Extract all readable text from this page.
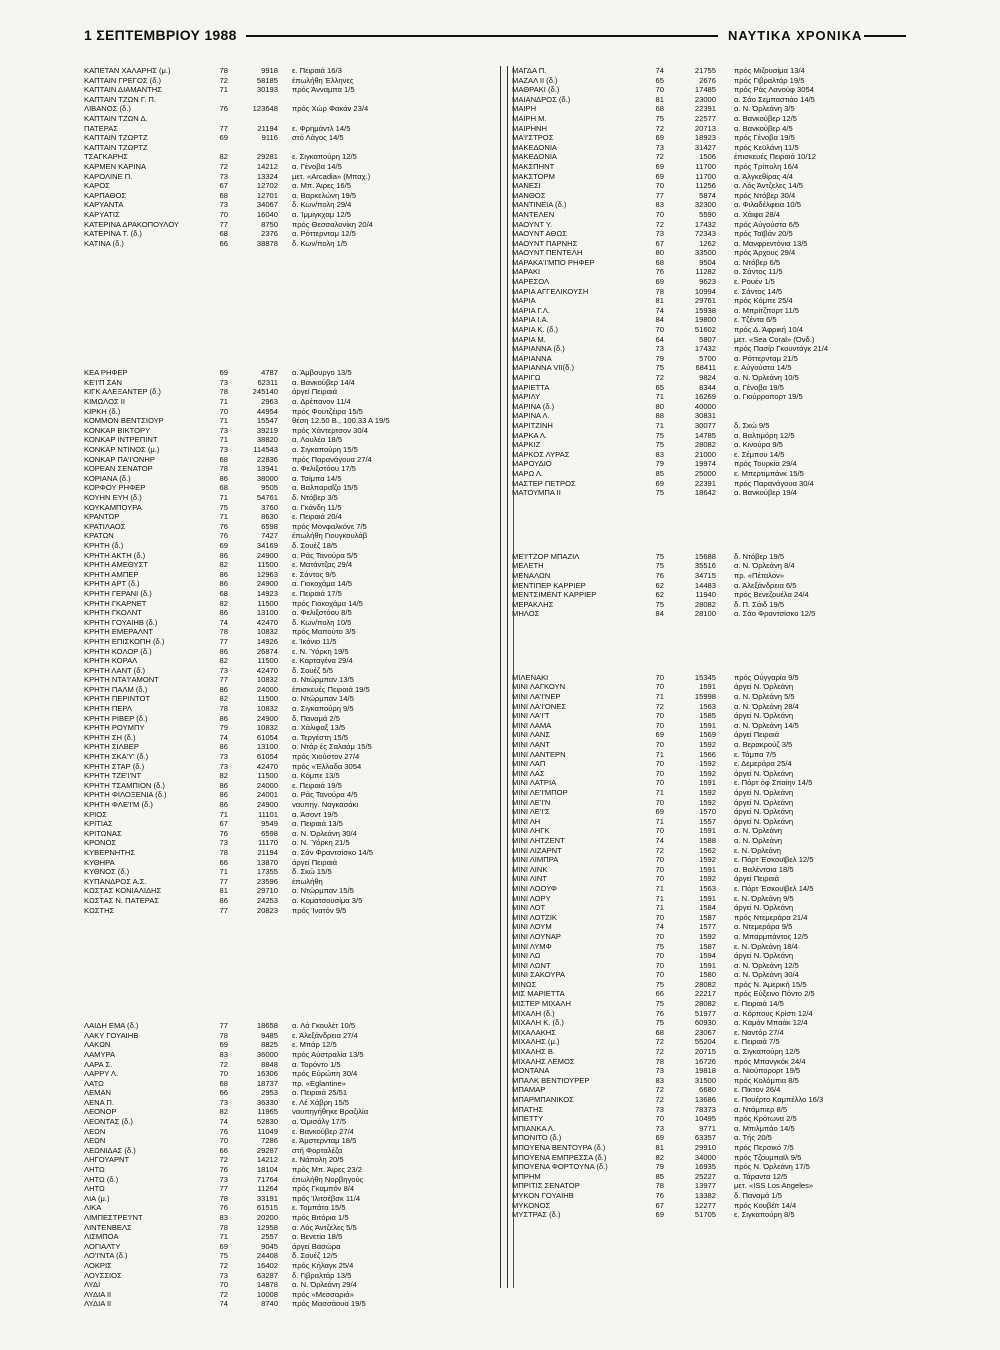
1 ΣΕΠΤΕΜΒΡΙΟΥ 1988	ΝΑΥΤΙΚΑ ΧΡΟΝΙΚΑ
ΚΑΠΕΤΑΝ ΧΑΛΑΡΗΣ (μ.)	78	9918 ε. Πειραιά 16/3
ΚΑΠΤΑΙΝ ΓΡΕΓΟΣ (δ.)	72	58185 έπωλήθη Έλληνες
ΚΑΠΤΑΙΝ ΔΙΑΜΑΝΤΗΣ	71	30193 πρός Άνναμπα 1/5
ΚΑΠΤΑΙΝ ΤΖΩΝ Γ. Π.
ΛΙΒΑΝΟΣ (δ.)	76	123648 πρός Χώρ Φακάν 23/4
ΚΑΠΤΑΙΝ ΤΖΩΝ Δ.
ΠΑΤΕΡΑΣ	77	21194 ε. Φρημάντλ 14/5
ΚΑΠΤΑΙΝ ΤΖΩΡΤΖ	69	9116 στό Λάγος 14/5
ΚΑΠΤΑΙΝ ΤΖΩΡΤΖ
ΤΣΑΓΚΑΡΗΣ	82	29281 ε. Σιγκαπούρη 12/5
ΚΑΡΜΕΝ ΚΑΡΙΝΑ	72	14212 α. Γένοβα 14/5
ΚΑΡΟΛΙΝΕ Π.	73	13324 μετ. «Arcadia» (Μπαχ.)
ΚΑΡΟΣ	67	12702 α. Μπ. Άιρες 16/5
ΚΑΡΠΑΘΟΣ	68	12701 α. Βαρκελώνη 19/5
ΚΑΡΥΑΝΤΑ	73	34067 δ. Κων/πολη 29/4
ΚΑΡΥΑΤΙΣ	70	16040 α. Ίμμιγκχαμ 12/5
ΚΑΤΕΡΙΝΑ ΔΡΑΚΟΠΟΥΛΟΥ	77	8750 πρός Θεσσαλονίκη 20/4
ΚΑΤΕΡΙΝΑ Τ. (δ.)	68	2376 α. Ρόττερνταμ 12/5
ΚΑΤΙΝΑ (δ.)	66	38878 δ. Κων/πολη 1/5
ΚΕΑ ΡΗΦΕΡ	69	4787 α. Άμβουργο 13/5
ΚΕ'Ι'Π ΣΑΝ	73	62311 α. Βανκούβερ 14/4
ΚΙΓΚ ΑΛΕΞΑΝΤΕΡ (δ.)	78	245140 άργεί Πειραιά
ΚΙΜΩΛΟΣ ΙΙ	71	2963 α. Δρέπανον 11/4
ΚΙΡΚΗ (δ.)	70	44954 πρός Φουτζέιρα 15/5
ΚΟΜΜΟΝ ΒΕΝΤΣΙΟΥΡ	71	15547 θέση 12.50 Β., 100.33 Α 19/5
ΚΟΝΚΑΡ ΒΙΚΤΟΡΥ	73	39219 πρός Χάντερτσον 30/4
ΚΟΝΚΑΡ ΙΝΤΡΕΠΙΝΤ	71	38820 α. Λουλέα 18/5
ΚΟΝΚΑΡ ΝΤΙΝΟΣ (μ.)	73	114543 α. Σιγκαπούρη 15/5
ΚΟΝΚΑΡ ΠΑ'Ι'ΟΝΗΡ	68	22836 πρός Παρανάγουα 27/4
ΚΟΡΕΑΝ ΣΕΝΑΤΟΡ	78	13941 α. Φελιξστόου 17/5
ΚΟΡΙΑΝΑ (δ.)	86	38000 α. Τσίμπα 14/5
ΚΟΡΦΟΥ ΡΗΦΕΡ	68	9505 α. Βαλπαραΐζο 15/5
ΚΟΥΗΝ ΕΥΗ (δ.)	71	54761 δ. Ντόβερ 3/5
ΚΟΥΚΑΜΠΟΥΡΑ	75	3760 α. Γκάνδη 11/5
ΚΡΑΝΤΩΡ	71	8630 ε. Πειραιά 20/4
ΚΡΑΤΙΛΑΟΣ	76	6598 πρός Μονφαλκόνε 7/5
ΚΡΑΤΩΝ	76	7427 έπωλήθη Γιουγκουλάβ
ΚΡΗΤΗ (δ.)	69	34169 δ. Σουέζ 18/5
ΚΡΗΤΗ ΑΚΤΗ (δ.)	86	24900 α. Ράς Τανούρα 5/5
ΚΡΗΤΗ ΑΜΕΘΥΣΤ	82	11500 ε. Ματάντζας 29/4
ΚΡΗΤΗ ΑΜΠΕΡ	86	12963 ε. Σάντος 9/5
ΚΡΗΤΗ ΑΡΤ (δ.)	86	24900 α. Γιοκοχάμα 14/5
ΚΡΗΤΗ ΓΕΡΑΝΙ (δ.)	68	14923 ε. Πειραιά 17/5
ΚΡΗΤΗ ΓΚΑΡΝΕΤ	82	11500 πρός Γιοκοχάμα 14/5
ΚΡΗΤΗ ΓΚΟΛΝΤ	86	13100 α. Φελιξστόου 8/5
ΚΡΗΤΗ ΓΟΥΑΙΗΒ (δ.)	74	42470 δ. Κων/πολη 10/5
ΚΡΗΤΗ ΕΜΕΡΑΛΝΤ	78	10832 πρός Μαπούτο 3/5
ΚΡΗΤΗ ΕΠΙΣΚΟΠΗ (δ.)	77	14926 ε. Ίκόνιο 11/5
ΚΡΗΤΗ ΚΟΛΟΡ (δ.)	86	26874 ε. Ν. Ύόρκη 19/5
ΚΡΗΤΗ ΚΟΡΑΛ	82	11500 ε. Καρταγένα 29/4
ΚΡΗΤΗ ΛΑΝΤ (δ.)	73	42470 δ. Σουέζ 5/5
ΚΡΗΤΗ ΝΤΑ'Ι'ΑΜΟΝΤ	77	10832 α. Ντώρμπαν 13/5
ΚΡΗΤΗ ΠΑΛΜ (δ.)	86	24000 έπισκευές Πειραιά 19/5
ΚΡΗΤΗ ΠΕΡΙΝΤΟΤ	82	11500 α. Ντώρμπαν 14/5
ΚΡΗΤΗ ΠΕΡΛ	78	10832 α. Σιγκαπούρη 9/5
ΚΡΗΤΗ ΡΙΒΕΡ (δ.)	86	24900 δ. Παναμά 2/5
ΚΡΗΤΗ ΡΟΥΜΠΥ	79	10832 α. Χάλιφαξ 13/5
ΚΡΗΤΗ ΣΗ (δ.)	74	61054 α. Τεργέστη 15/5
ΚΡΗΤΗ ΣΙΛΒΕΡ	86	13100 α. Ντάρ ές Σαλαάμ 15/5
ΚΡΗΤΗ ΣΚΑ'Υ' (δ.)	73	61054 πρός Χιούστον 27/4
ΚΡΗΤΗ ΣΤΑΡ (δ.)	73	42470 πρός «Έλλαδα 3054
ΚΡΗΤΗ ΤΖΕ'Ι'ΝΤ	82	11500 α. Κόμπε 13/5
ΚΡΗΤΗ ΤΣΑΜΠΙΟΝ (δ.)	86	24000 ε. Πειραιά 19/5
ΚΡΗΤΗ ΦΙΛΟΞΕΝΙΑ (δ.)	86	24001 α. Ράς Τανούρα 4/5
ΚΡΗΤΗ ΦΛΕ'Ι'Μ (δ.)	86	24900 ναυπηγ. Ναγκασάκι
ΚΡΙΟΣ	71	11101 α. Άσοντ 19/5
ΚΡΙΤΙΑΣ	67	9549 α. Πειραιά 13/5
ΚΡΙΤΩΝΑΣ	76	6598 α. Ν. Όρλεάνη 30/4
ΚΡΟΝΟΣ	73	11170 α. Ν. Ύόρκη 21/5
ΚΥΒΕΡΝΗΤΗΣ	78	21194 α. Σάν Φραντσίσκο 14/5
ΚΥΘΗΡΑ	66	13870 άργεί Πειραιά
ΚΥΘΝΟΣ (δ.)	71	17355 δ. Σκώ 15/5
ΚΥΠΑΝΔΡΟΣ Α.Σ.	77	23596 έπωλήθη
ΚΩΣΤΑΣ ΚΟΝΙΑΛΙΔΗΣ	81	29710 α. Ντώρμπαν 15/5
ΚΩΣΤΑΣ Ν. ΠΑΤΕΡΑΣ	86	24253 α. Κοματσουσίμα 3/5
ΚΩΣΤΗΣ	77	20823 πρός Ίνατόν 9/5
ΛΑΙΔΗ ΕΜΑ (δ.)	77	18658 α. Λά Γκουλέτ 10/5
ΛΑΚΥ ΓΟΥΑΙΗΒ	78	9485 ε. Άλεξάνδρεια 27/4
ΛΑΚΩΝ	69	8825 ε. Μπάρ 12/5
ΛΑΜΥΡΑ	83	36000 πρός Αύστραλία 13/5
ΛΑΡΑ Σ.	72	8848 α. Τορόντο 1/5
ΛΑΡΡΥ Λ.	70	16306 πρός Εύρώπη 30/4
ΛΑΤΩ	68	18737 πρ. «Eglantine»
ΛΕΜΑΝ	66	2953 α. Πειραιά 25/51
ΛΕΝΑ Π.	73	36330 ε. Λέ Χάβρη 15/5
ΛΕΟΝΟΡ	82	11965 ναυπηγήθηκε Βραζιλία
ΛΕΟΝΤΑΣ (δ.)	74	52830 α. Όμισάλγ 17/5
ΛΕΩΝ	76	11049 ε. Βανκούβερ 27/4
ΛΕΩΝ	70	7286 ε. Άμστερνταμ 18/5
ΛΕΩΝΙΔΑΣ (δ.)	66	29287 στή Φορταλέζα
ΛΗΓΟΥΑΡΝΤ	72	14212 ε. Νάπολη 20/5
ΛΗΤΩ	76	18104 πρός Μπ. Άιρες 23/2
ΛΗΤΩ (δ.)	73	71764 έπωλήθη Νορβηγούς
ΛΗΤΩ	77	11264 πρός Γκαμπόν 8/4
ΛΙΑ (μ.)	78	33191 πρός Ίλιτσέβσκ 11/4
ΛΙΚΑ	76	61515 ε. Τομπάτα 15/5
ΛΙΜΠΕΣΤΡΕ'Ι'ΝΤ	83	20200 πρός Βιτόρια 1/5
ΛΙΝΤΕΝΒΕΛΣ	78	12958 α. Λός Άντζελες 5/5
ΛΙΣΜΠΟΑ	71	2557 α. Βενετία 18/5
ΛΟΓΙΑΛΤΥ	69	9045 άργεί Βασώρα
ΛΟ'Ι'ΝΤΑ (δ.)	75	24408 δ. Σουέζ 12/5
ΛΟΚΡΙΣ	72	16402 πρός Κήλαγκ 25/4
ΛΟΥΣΣΙΟΣ	73	63287 δ. Γιβραλτάρ 13/5
ΛΥΔΙ	70	14878 α. Ν. Όρλεάνη 29/4
ΛΥΔΙΑ ΙΙ	72	10008 πρός «Μεσσαριά»
ΛΥΔΙΑ ΙΙ	74	8740 πρός Μασσάουα 19/5
ΜΑΓΔΑ Π.	74	21755 πρός Μιζουσίμα 13/4
ΜΑΖΑΛ ΙΙ (δ.)	65	2676 πρός Γιβραλτάρ 19/5
ΜΑΘΡΑΚΙ (δ.)	70	17485 πρός Ράς Λανούφ 3054
ΜΑΙΑΝΔΡΟΣ (δ.)	81	23000 α. Σάο Σεμπαστιάο 14/5
ΜΑΙΡΗ	68	22391 α. Ν. Όρλεάνη 3/5
ΜΑΙΡΗ Μ.	75	22577 α. Βανκούβερ 12/5
ΜΑΙΡΗΝΗ	72	20713 α. Βανκούβερ 4/5
ΜΑ'Ι'ΣΤΡΟΣ	69	18923 πρός Γένοβα 19/5
ΜΑΚΕΔΟΝΙΑ	73	31427 πρός Κεϋλάνη 11/5
ΜΑΚΕΔΟΝΙΑ	72	1506 έπισκευές Πειραιά 10/12
ΜΑΚΣΠΗΝΤ	69	11700 πρός Τρίπολη 16/4
ΜΑΚΣΤΟΡΜ	69	11700 α. Άλγκεθίρας 4/4
ΜΑΝΕΣΙ	70	11256 α. Λός Άντζελες 14/5
ΜΑΝΘΟΣ	77	5874 πρός Ντόβερ 30/4
ΜΑΝΤΙΝΕΙΑ (δ.)	83	32300 α. Φιλαδέλφεια 10/5
ΜΑΝΤΕΛΕΝ	70	5590 α. Χάιφα 28/4
ΜΑΟΥΝΤ Υ.	72	17432 πρός Αύγούστα 6/5
ΜΑΟΥΝΤ ΑΘΩΣ	73	72343 πρός Ταϊβάν 20/5
ΜΑΟΥΝΤ ΠΑΡΝΗΣ	67	1262 α. Μανφρεντόνια 13/5
ΜΑΟΥΝΤ ΠΕΝΤΕΛΗ	80	33500 πρός Άρχους 29/4
ΜΑΡΑΚΑ'Ι'ΜΠΟ ΡΗΦΕΡ	68	9504 α. Ντόβερ 6/5
ΜΑΡΑΚΙ	76	11282 α. Σάντος 11/5
ΜΑΡΕΣΟΛ	69	9623 ε. Ρουέν 1/5
ΜΑΡΙΑ ΑΓΓΕΛΙΚΟΥΣΗ	78	10994 ε. Σάντος 14/5
ΜΑΡΙΑ	81	29761 πρός Κόμπε 25/4
ΜΑΡΙΑ Γ.Λ.	74	15938 α. Μπρίτζπορτ 11/5
ΜΑΡΙΑ Ι.Α.	84	19800 ε. Τζέντα 6/5
ΜΑΡΙΑ Κ. (δ.)	70	51602 πρός Δ. Άφρική 10/4
ΜΑΡΙΑ Μ.	64	5807 μετ. «Sea Coral» (Όνδ.)
ΜΑΡΙΑΝΝΑ (δ.)	73	17432 πρός Πασίρ Γκουντάγκ 21/4
ΜΑΡΙΑΝΝΑ	79	5700 α. Ρόττερνταμ 21/5
ΜΑΡΙΑΝΝΑ VII(δ.)	75	68411 ε. Αύγούστα 14/5
ΜΑΡΙΓΩ	72	9824 α. Ν. Όρλεάνη 10/5
ΜΑΡΙΕΤΤΑ	65	8344 α. Γένοβα 19/5
ΜΑΡΙΛΥ	71	16269 α. Γιούρροπορτ 19/5
ΜΑΡΙΝΑ (δ.)	80	40000
ΜΑΡΙΝΑ Λ.	88	30831
ΜΑΡΙΤΖΙΝΗ	71	30077 δ. Σκώ 9/5
ΜΑΡΚΑ Λ.	75	14785 α. Βαλτιμόρη 12/5
ΜΑΡΚΙΖ	75	28082 α. Κινούρα 9/5
ΜΑΡΚΟΣ ΛΥΡΑΣ	83	21000 ε. Σέμπου 14/5
ΜΑΡΟΥΔΙΟ	79	19974 πρός Τουρκία 29/4
ΜΑΡΩ Λ.	85	25000 ε. Μπερτιμπάνκ 15/5
ΜΑΣΤΕΡ ΠΕΤΡΟΣ	69	22391 πρός Παρανάγουα 30/4
ΜΑΤΟΥΜΠΑ ΙΙ	75	18642 α. Βανκούβερ 19/4
ΜΕ'Ι'ΤΖΟΡ ΜΠΑΖΙΛ	75	15688 δ. Ντόβερ 19/5
ΜΕΛΕΤΗ	75	35516 α. Ν. Όρλεάνη 8/4
ΜΕΝΑΛΩΝ	76	34715 πρ. «Πέταλον»
ΜΕΝΤΙΠΕΡ ΚΑΡΡΙΕΡ	62	14483 α. Άλεξάνδρεια 6/5
ΜΕΝΤΣΙΜΕΝΤ ΚΑΡΡΙΕΡ	62	11940 πρός Βενεζουέλα 24/4
ΜΕΡΑΚΛΗΣ	75	28082 δ. Π. Σάιδ 19/5
ΜΗΛΟΣ	84	28100 α. Σάο Φραντσίσκο 12/5
ΜΙΛΕΝΑΚΙ	70	15345 πρός Ούγγαρία 9/5
ΜΙΝΙ ΛΑΓΚΟΥΝ	70	1591 άργεί Ν. Όρλεάνη
ΜΙΝΙ ΛΑ'Ι'ΝΕΡ	71	15998 α. Ν. Όρλεάνη 5/5
ΜΙΝΙ ΛΑ'Ι'ΟΝΕΣ	72	1563 α. Ν. Όρλεάνη 28/4
ΜΙΝΙ ΛΑ'Ι'Τ	70	1585 άργεί Ν. Όρλεάνη
ΜΙΝΙ ΛΑΜΑ	70	1591 α. Ν. Όρλεάνη 14/5
ΜΙΝΙ ΛΑΝΣ	69	1569 άργεί Πειραιά
ΜΙΝΙ ΛΑΝΤ	70	1592 α. Βερακρούζ 3/5
ΜΙΝΙ ΛΑΝΤΕΡΝ	71	1566 ε. Τάμπα 7/5
ΜΙΝΙ ΛΑΠ	70	1592 ε. Δεμεράρα 25/4
ΜΙΝΙ ΛΑΣ	70	1592 άργεί Ν. Όρλεάνη
ΜΙΝΙ ΛΑΤΡΙΑ	70	1591 ε. Πόρτ όφ Σπαίην 14/5
ΜΙΝΙ ΛΕ'Ι'ΜΠΟΡ	71	1592 άργεί Ν. Όρλεάνη
ΜΙΝΙ ΛΕ'Ι'Ν	70	1592 άργεί Ν. Όρλεάνη
ΜΙΝΙ ΛΕ'Ι'Σ	69	1570 άργεί Ν. Όρλεάνη
ΜΙΝΙ ΛΗ	71	1557 άργεί Ν. Όρλεάνη
ΜΙΝΙ ΛΗΓΚ	70	1591 α. Ν. Όρλεάνη
ΜΙΝΙ ΛΗΤΖΕΝΤ	74	1588 α. Ν. Όρλεάνη
ΜΙΝΙ ΛΙΖΑΡΝΤ	72	1562 ε. Ν. Όρλεάνη
ΜΙΝΙ ΛΙΜΠΡΑ	70	1592 ε. Πόρτ Έσκουϊβελ 12/5
ΜΙΝΙ ΛΙΝΚ	70	1591 α. Βαλέντσια 18/5
ΜΙΝΙ ΛΙΝΤ	70	1592 άργεί Πειραιά
ΜΙΝΙ ΛΟΟΥΦ	71	1563 ε. Πόρτ Έσκουϊβελ 14/5
ΜΙΝΙ ΛΟΡΥ	71	1591 ε. Ν. Όρλεάνη 9/5
ΜΙΝΙ ΛΟΤ	71	1584 άργεί Ν. Όρλεάνη
ΜΙΝΙ ΛΟΤΖΙΚ	70	1587 πρός Ντεμεράρα 21/4
ΜΙΝΙ ΛΟΥΜ	74	1577 α. Ντεμεράρα 9/5
ΜΙΝΙ ΛΟΥΝΑΡ	70	1592 α. Μπαρμπάντος 12/5
ΜΙΝΙ ΛΥΜΦ	75	1587 ε. Ν. Όρλεάνη 18/4
ΜΙΝΙ ΛΩ	70	1594 άργεί Ν. Όρλεάνη
ΜΙΝΙ ΛΩΝΤ	70	1591 α. Ν. Όρλεάνη 12/5
ΜΙΝΙ ΣΑΚΟΥΡΑ	70	1580 α. Ν. Όρλεάνη 30/4
ΜΙΝΩΣ	75	28082 πρός Ν. Άμερική 15/5
ΜΙΣ ΜΑΡΙΕΤΤΑ	66	22217 πρός Εύξεινο Πόντο 2/5
ΜΙΣΤΕΡ ΜΙΧΑΛΗ	75	28082 ε. Πειραιά 14/5
ΜΙΧΑΛΗ (δ.)	76	51977 α. Κόρπους Κρίστι 12/4
ΜΙΧΑΛΗ Κ. (δ.)	75	60930 α. Καμάν Μπαάκ 12/4
ΜΙΧΑΛΑΚΗΣ	68	23067 ε. Ναντόρ 27/4
ΜΙΧΑΛΗΣ (μ.)	72	55204 ε. Πειραιά 7/5
ΜΙΧΑΛΗΣ Β.	72	20715 α. Σιγκαπούρη 12/5
ΜΙΧΑΛΗΣ ΛΕΜΟΣ	78	16726 πρός Μπανγκόκ 24/4
ΜΟΝΤΑΝΑ	73	19818 α. Νιούπορορτ 19/5
ΜΠΑΛΚ ΒΕΝΤΙΟΥΡΕΡ	83	31500 πρός Κολόμπια 8/5
ΜΠΑΜΑΡ	72	6680 ε. Πίκτον 26/4
ΜΠΑΡΜΠΑΝΙΚΟΣ	72	13686 ε. Πουέρτο Καμπέλλο 16/3
ΜΠΑΤΗΣ	73	78373 α. Ντάμπιερ 8/5
ΜΠΕΤΤΥ	70	10495 πρός Κρότωνα 2/5
ΜΠΙΑΝΚΑ Λ.	73	9771 α. Μπιλμπάο 14/5
ΜΠΟΝΙΤΟ (δ.)	69	63357 α. Τής 20/5
ΜΠΟΥΕΝΑ ΒΕΝΤΟΥΡΑ (δ.)	81	29910 πρός Περσικό 7/5
ΜΠΟΥΕΝΑ ΕΜΠΡΕΣΣΑ (δ.)	82	34000 πρός Τζουμπαϊλ 9/5
ΜΠΟΥΕΝΑ ΦΟΡΤΟΥΝΑ (δ.)	79	16935 πρός Ν. Όρλεάνη 17/5
ΜΠΡΗΜ	85	25227 α. Τάραντα 12/5
ΜΠΡΙΤΙΣ ΣΕΝΑΤΟΡ	78	13977 μετ. «ISS Los Angeles»
ΜΥΚΟΝ ΓΟΥΑΙΗΒ	76	13382 δ. Παναμά 1/5
ΜΥΚΟΝΟΣ	67	12277 πρός Κουβέϊτ 14/4
ΜΥΣΤΡΑΣ (δ.)	69	51705 ε. Σιγκαπούρη 8/5
